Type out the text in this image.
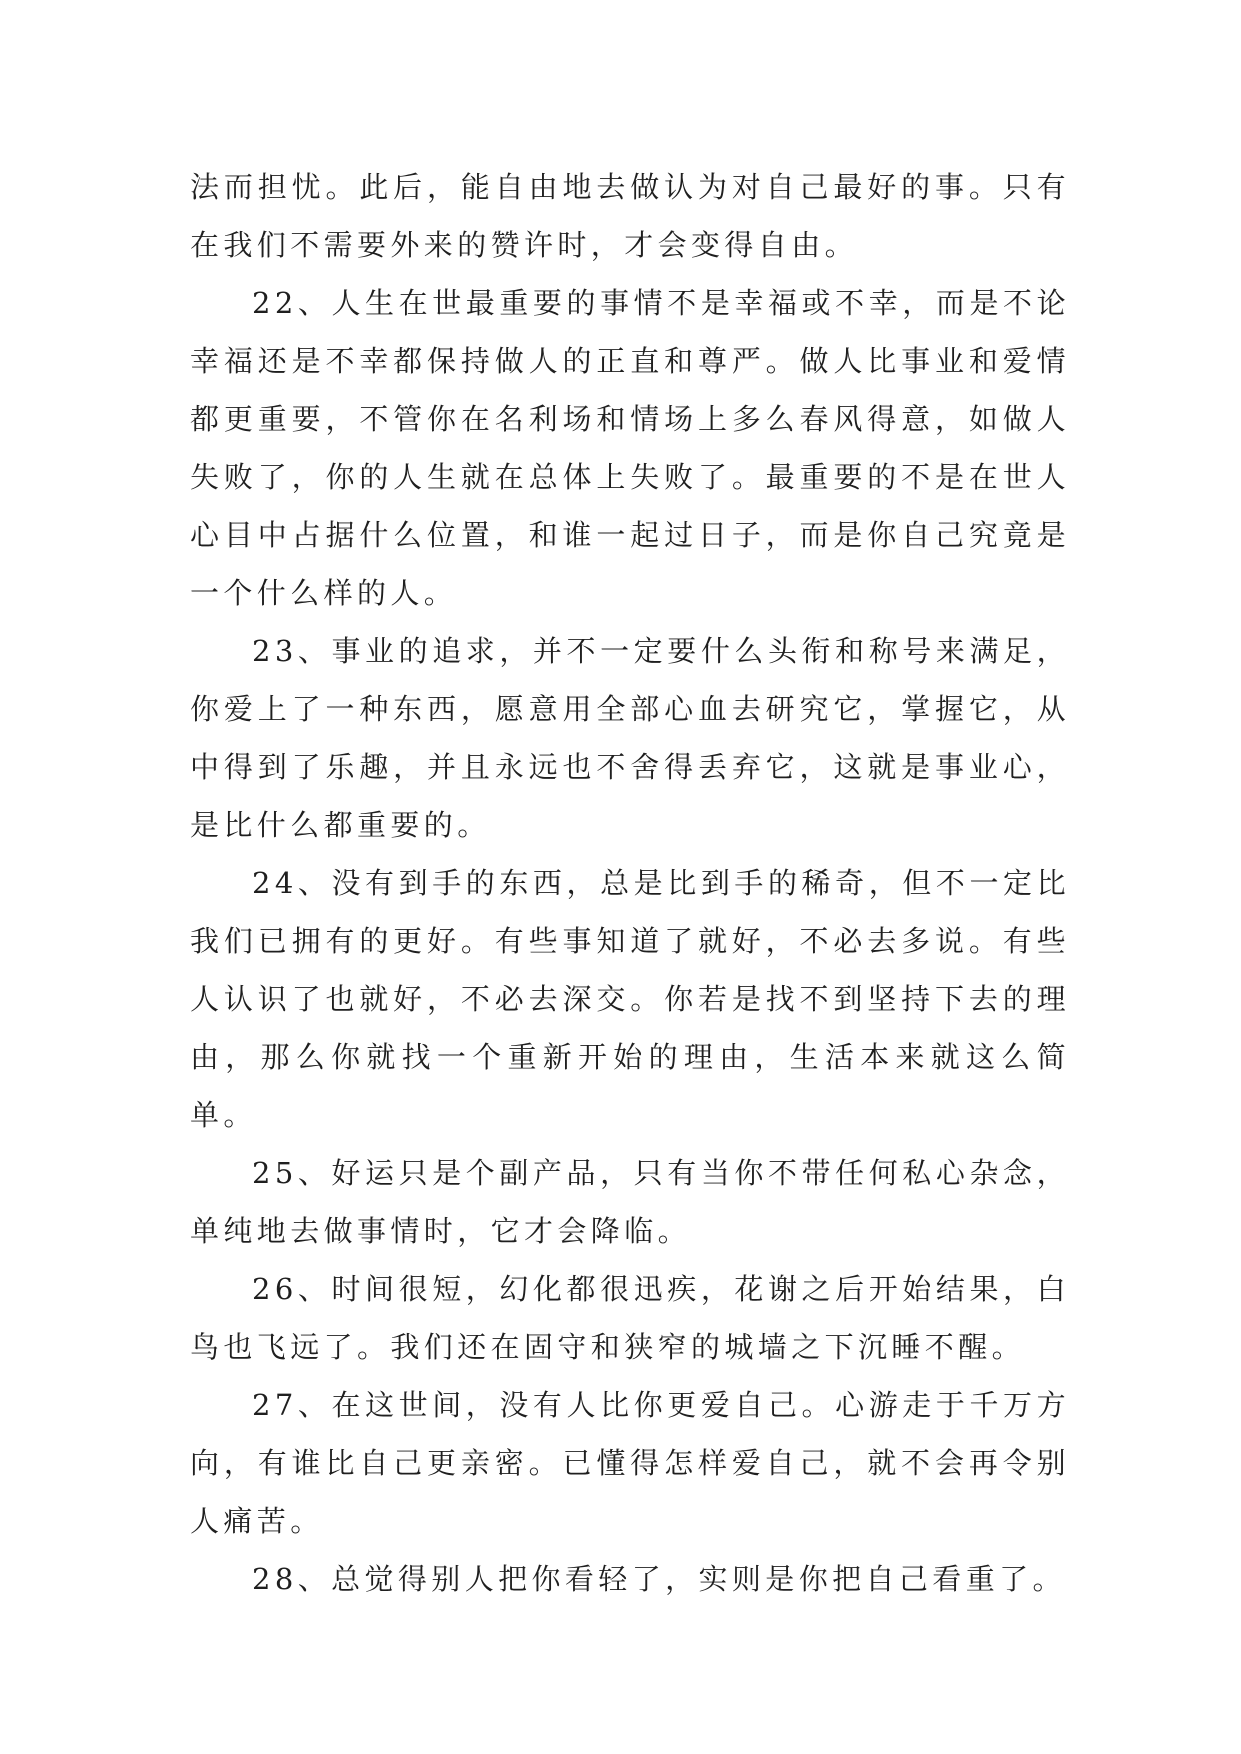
法而担忧。此后，能自由地去做认为对自己最好的事。只有在我们不需要外来的赞许时，才会变得自由。

22、人生在世最重要的事情不是幸福或不幸，而是不论幸福还是不幸都保持做人的正直和尊严。做人比事业和爱情都更重要，不管你在名利场和情场上多么春风得意，如做人失败了，你的人生就在总体上失败了。最重要的不是在世人心目中占据什么位置，和谁一起过日子，而是你自己究竟是一个什么样的人。

23、事业的追求，并不一定要什么头衔和称号来满足，你爱上了一种东西，愿意用全部心血去研究它，掌握它，从中得到了乐趣，并且永远也不舍得丢弃它，这就是事业心，是比什么都重要的。

24、没有到手的东西，总是比到手的稀奇，但不一定比我们已拥有的更好。有些事知道了就好，不必去多说。有些人认识了也就好，不必去深交。你若是找不到坚持下去的理由，那么你就找一个重新开始的理由，生活本来就这么简单。

25、好运只是个副产品，只有当你不带任何私心杂念，单纯地去做事情时，它才会降临。

26、时间很短，幻化都很迅疾，花谢之后开始结果，白鸟也飞远了。我们还在固守和狭窄的城墙之下沉睡不醒。

27、在这世间，没有人比你更爱自己。心游走于千万方向，有谁比自己更亲密。已懂得怎样爱自己，就不会再令别人痛苦。

28、总觉得别人把你看轻了，实则是你把自己看重了。
